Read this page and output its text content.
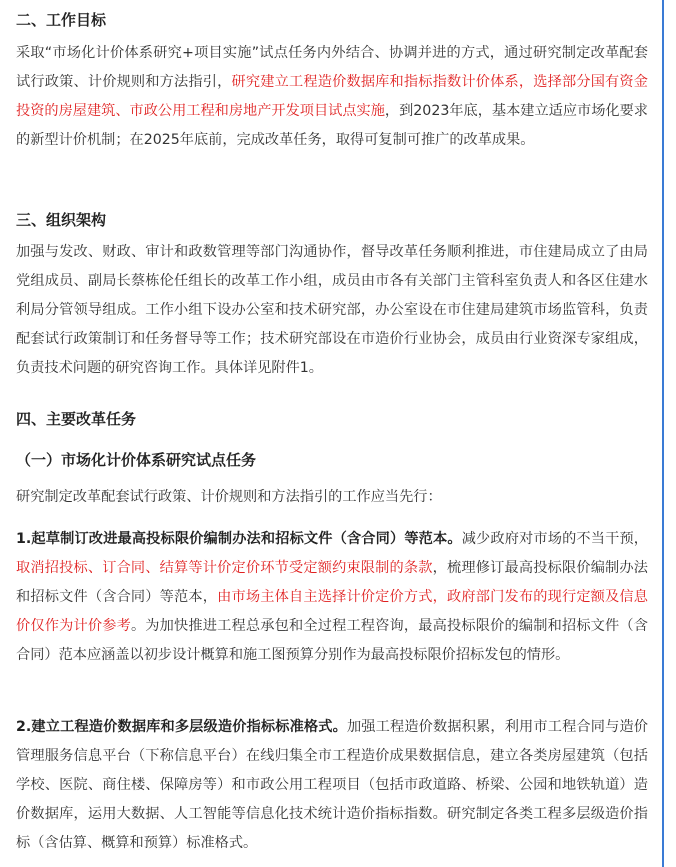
二、工作目标

采取“市场化计价体系研究+项目实施”试点任务内外结合、协调并进的方式，通过研究制定改革配套试行政策、计价规则和方法指引，研究建立工程造价数据库和指标指数计价体系，选择部分国有资金投资的房屋建筑、市政公用工程和房地产开发项目试点实施，到2023年底，基本建立适应市场化要求的新型计价机制；在2025年底前，完成改革任务，取得可复制可推广的改革成果。

三、组织架构

加强与发改、财政、审计和政数管理等部门沟通协作，督导改革任务顺利推进，市住建局成立了由局党组成员、副局长蔡栋伦任组长的改革工作小组，成员由市各有关部门主管科室负责人和各区住建水利局分管领导组成。工作小组下设办公室和技术研究部，办公室设在市住建局建筑市场监管科，负责配套试行政策制订和任务督导等工作；技术研究部设在市造价行业协会，成员由行业资深专家组成，负责技术问题的研究咨询工作。具体详见附件1。

四、主要改革任务

（一）市场化计价体系研究试点任务

研究制定改革配套试行政策、计价规则和方法指引的工作应当先行：

1.起草制订改进最高投标限价编制办法和招标文件（含合同）等范本。减少政府对市场的不当干预，取消招投标、订合同、结算等计价定价环节受定额约束限制的条款，梳理修订最高投标限价编制办法和招标文件（含合同）等范本，由市场主体自主选择计价定价方式，政府部门发布的现行定额及信息价仅作为计价参考。为加快推进工程总承包和全过程工程咨询，最高投标限价的编制和招标文件（含合同）范本应涵盖以初步设计概算和施工图预算分别作为最高投标限价招标发包的情形。

2.建立工程造价数据库和多层级造价指标标准格式。加强工程造价数据积累，利用市工程合同与造价管理服务信息平台（下称信息平台）在线归集全市工程造价成果数据信息，建立各类房屋建筑（包括学校、医院、商住楼、保障房等）和市政公用工程项目（包括市政道路、桥梁、公园和地铁轨道）造价数据库，运用大数据、人工智能等信息化技术统计造价指标指数。研究制定各类工程多层级造价指标（含估算、概算和预算）标准格式。
